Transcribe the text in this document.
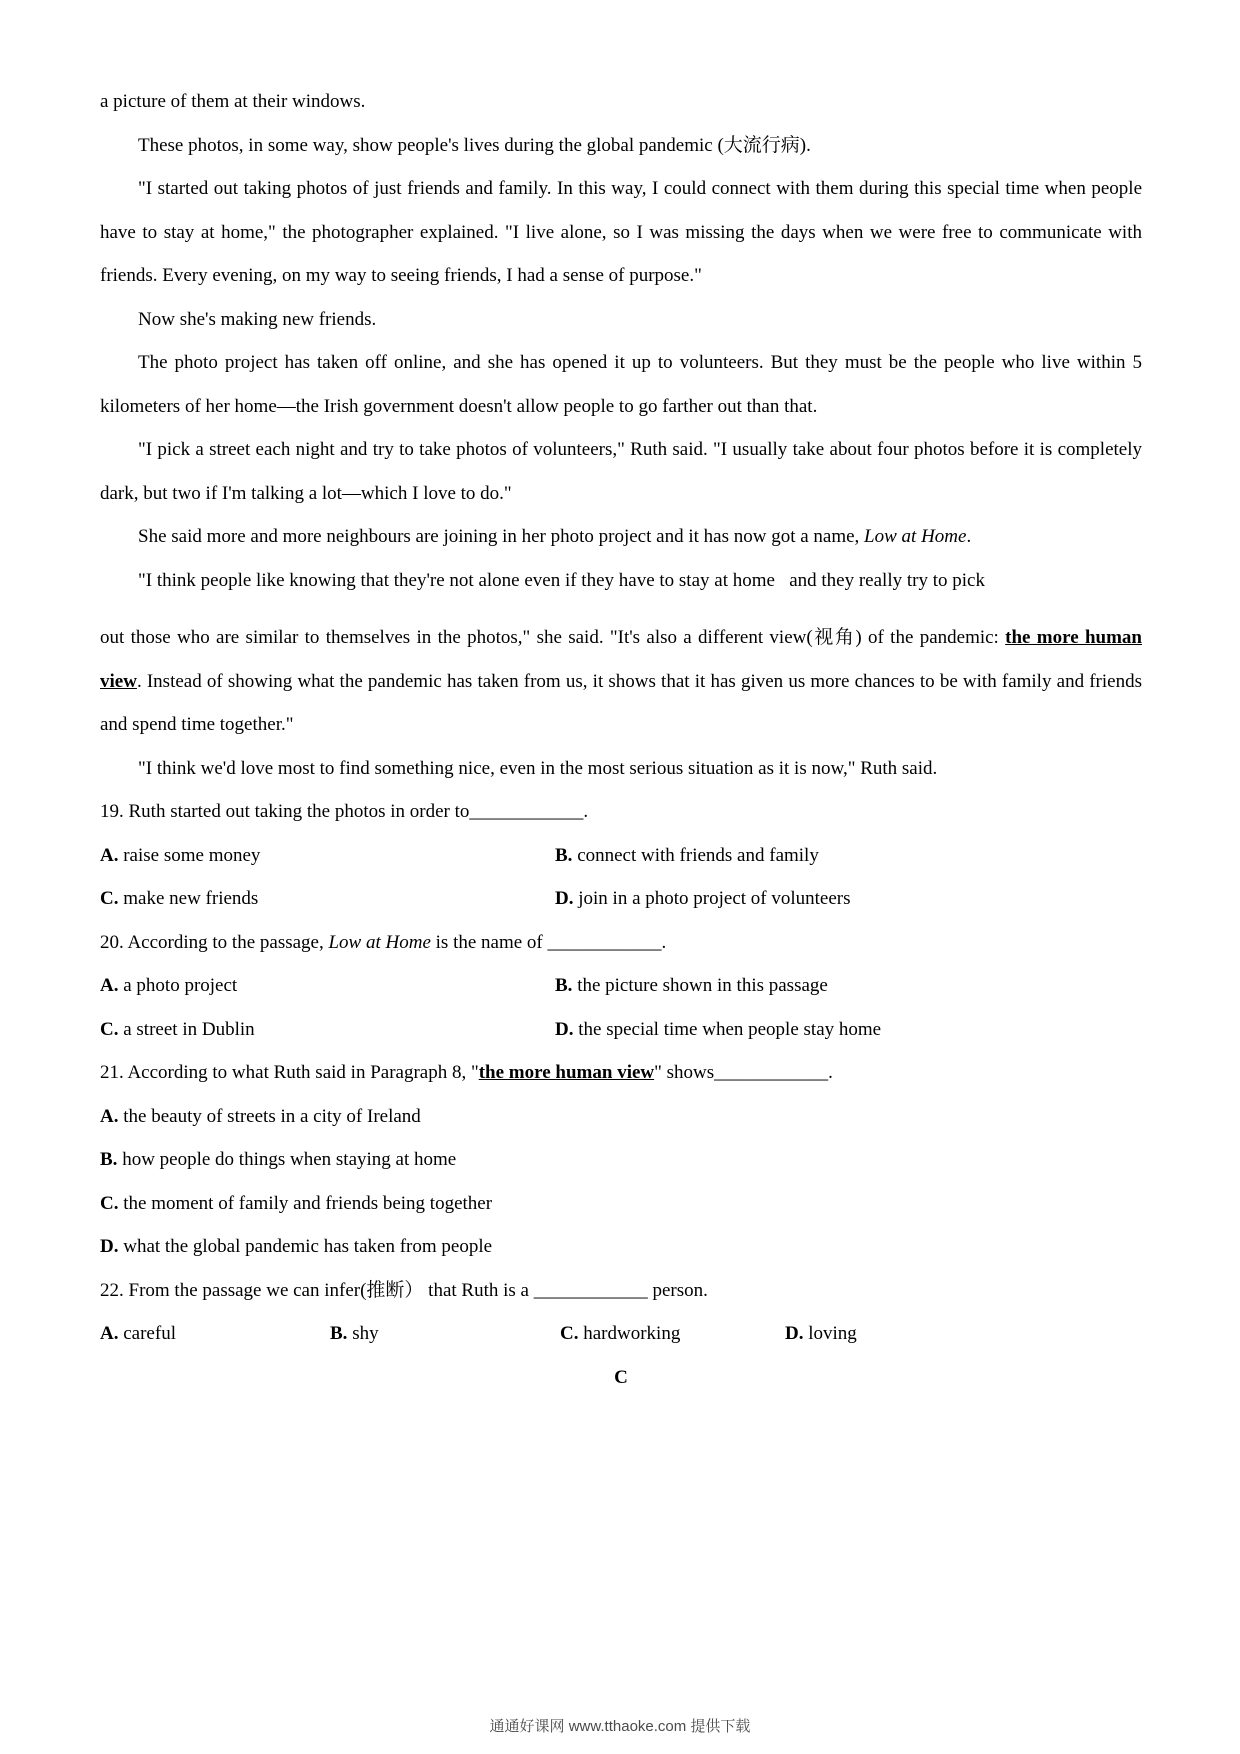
a picture of them at their windows.

These photos, in some way, show people's lives during the global pandemic (大流行病).

"I started out taking photos of just friends and family. In this way, I could connect with them during this special time when people have to stay at home," the photographer explained. "I live alone, so I was missing the days when we were free to communicate with friends. Every evening, on my way to seeing friends, I had a sense of purpose."

Now she's making new friends.

The photo project has taken off online, and she has opened it up to volunteers. But they must be the people who live within 5 kilometers of her home—the Irish government doesn't allow people to go farther out than that.

"I pick a street each night and try to take photos of volunteers," Ruth said. "I usually take about four photos before it is completely dark, but two if I'm talking a lot—which I love to do."

She said more and more neighbours are joining in her photo project and it has now got a name, Low at Home.

"I think people like knowing that they're not alone even if they have to stay at home   and they really try to pick

out those who are similar to themselves in the photos," she said. "It's also a different view(视角) of the pandemic: the more human view. Instead of showing what the pandemic has taken from us, it shows that it has given us more chances to be with family and friends and spend time together."

"I think we'd love most to find something nice, even in the most serious situation as it is now," Ruth said.

19. Ruth started out taking the photos in order to____________.

A. raise some money	B. connect with friends and family
C. make new friends	D. join in a photo project of volunteers

20. According to the passage, Low at Home is the name of ____________.

A. a photo project	B. the picture shown in this passage
C. a street in Dublin	D. the special time when people stay home

21. According to what Ruth said in Paragraph 8, "the more human view" shows____________.

A. the beauty of streets in a city of Ireland

B. how people do things when staying at home

C. the moment of family and friends being together

D. what the global pandemic has taken from people

22. From the passage we can infer(推断） that Ruth is a ____________ person.

A. careful	B. shy	C. hardworking	D. loving

C

通通好课网 www.tthaoke.com 提供下载
